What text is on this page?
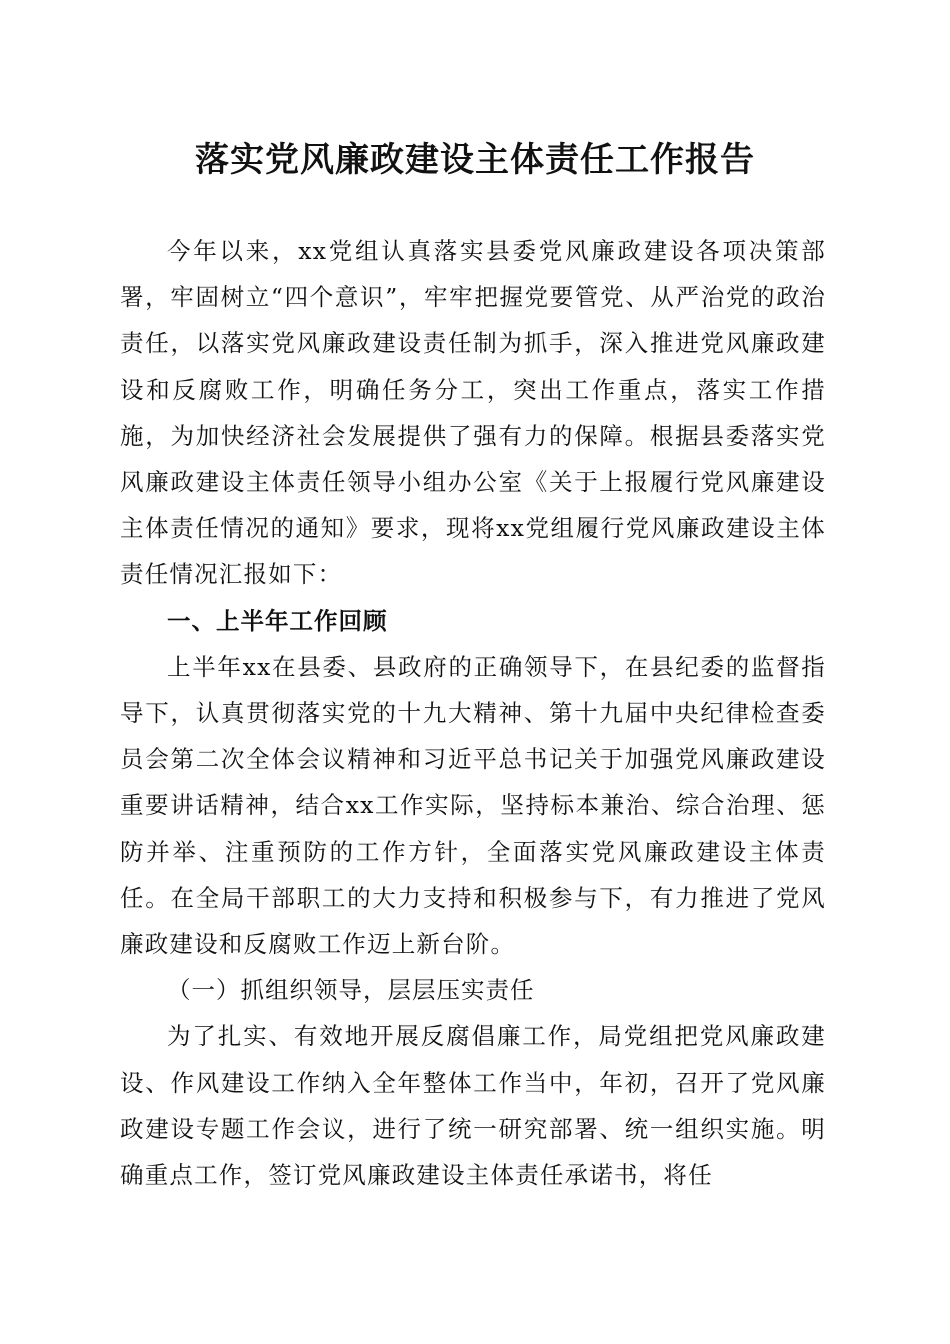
落实党风廉政建设主体责任工作报告

今年以来，xx党组认真落实县委党风廉政建设各项决策部署，牢固树立“四个意识”，牢牢把握党要管党、从严治党的政治责任，以落实党风廉政建设责任制为抓手，深入推进党风廉政建设和反腐败工作，明确任务分工，突出工作重点，落实工作措施，为加快经济社会发展提供了强有力的保障。根据县委落实党风廉政建设主体责任领导小组办公室《关于上报履行党风廉建设主体责任情况的通知》要求，现将xx党组履行党风廉政建设主体责任情况汇报如下：

一、上半年工作回顾

上半年xx在县委、县政府的正确领导下，在县纪委的监督指导下，认真贯彻落实党的十九大精神、第十九届中央纪律检查委员会第二次全体会议精神和习近平总书记关于加强党风廉政建设重要讲话精神，结合xx工作实际，坚持标本兼治、综合治理、惩防并举、注重预防的工作方针，全面落实党风廉政建设主体责任。在全局干部职工的大力支持和积极参与下，有力推进了党风廉政建设和反腐败工作迈上新台阶。

（一）抓组织领导，层层压实责任

为了扎实、有效地开展反腐倡廉工作，局党组把党风廉政建设、作风建设工作纳入全年整体工作当中，年初，召开了党风廉政建设专题工作会议，进行了统一研究部署、统一组织实施。明确重点工作，签订党风廉政建设主体责任承诺书，将任
